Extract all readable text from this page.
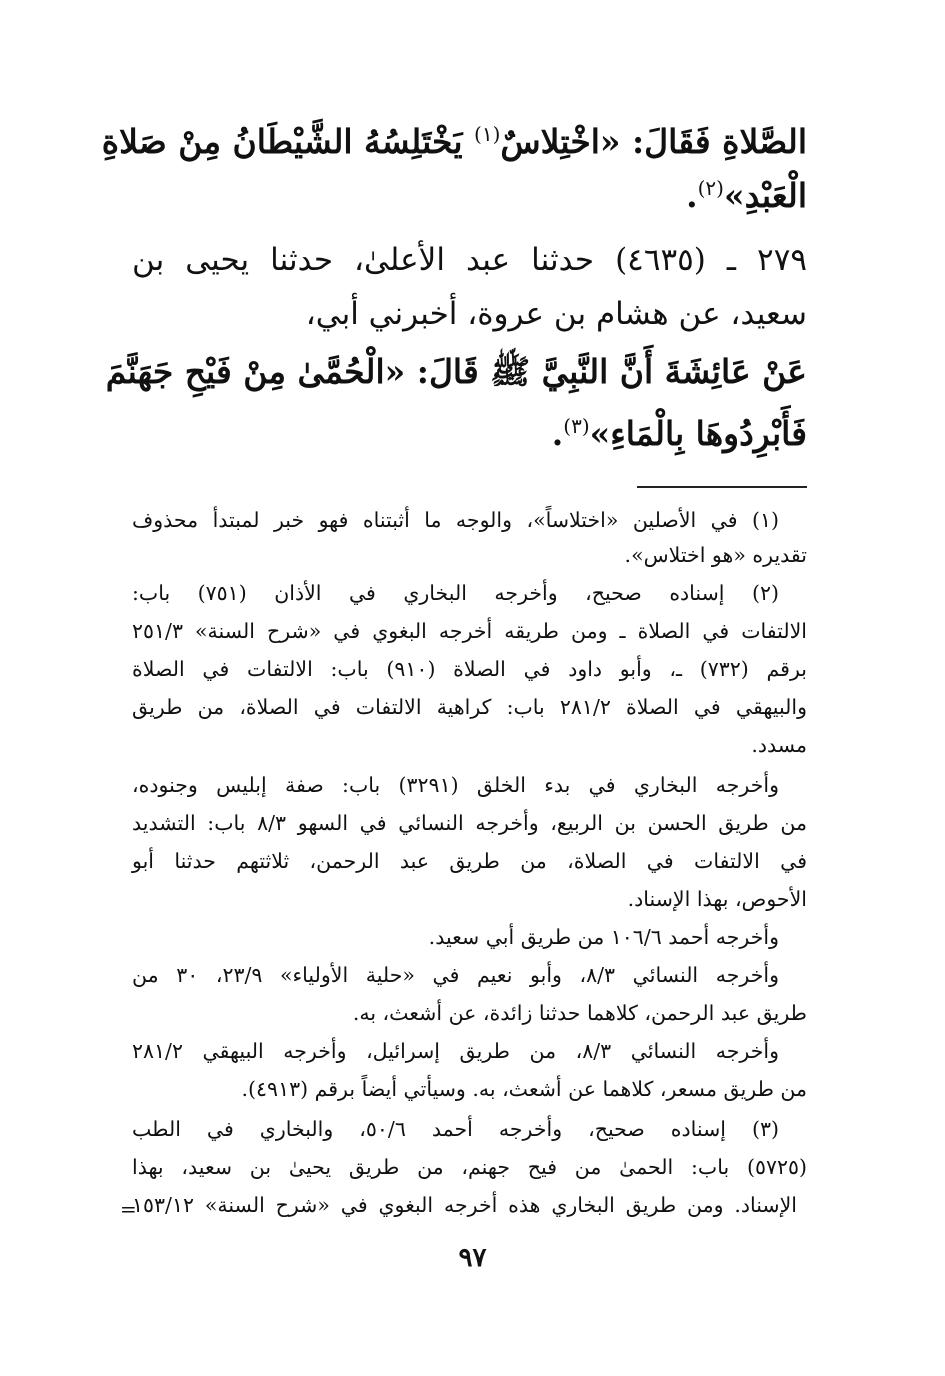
الصَّلاةِ فَقَالَ: «اخْتِلاسٌ$^{(١)}$ يَخْتَلِسُهُ الشَّيْطَانُ مِنْ صَلاةِ
الْعَبْدِ»$^{(٢)}$.
٢٧٩ ـ (٤٦٣٥) حدثنا عبد الأعلىٰ، حدثنا يحيى بن
سعيد، عن هشام بن عروة، أخبرني أبي،
عَنْ عَائِشَةَ أَنَّ النَّبِيَّ ﷺ قَالَ: «الْحُمَّىٰ مِنْ فَيْحِ جَهَنَّمَ
فَأَبْرِدُوهَا بِالْمَاءِ»$^{(٣)}$.
(١) في الأصلين «اختلاساً»، والوجه ما أثبتناه فهو خبر لمبتدأ محذوف
تقديره «هو اختلاس».
(٢) إسناده صحيح، وأخرجه البخاري في الأذان (٧٥١) باب:
الالتفات في الصلاة ـ ومن طريقه أخرجه البغوي في «شرح السنة» ٢٥١/٣
برقم (٧٣٢) ـ، وأبو داود في الصلاة (٩١٠) باب: الالتفات في الصلاة
والبيهقي في الصلاة ٢٨١/٢ باب: كراهية الالتفات في الصلاة، من طريق
مسدد.
وأخرجه البخاري في بدء الخلق (٣٢٩١) باب: صفة إبليس وجنوده،
من طريق الحسن بن الربيع، وأخرجه النسائي في السهو ٨/٣ باب: التشديد
في الالتفات في الصلاة، من طريق عبد الرحمن، ثلاثتهم حدثنا أبو
الأحوص، بهذا الإسناد.
وأخرجه أحمد ١٠٦/٦ من طريق أبي سعيد.
وأخرجه النسائي ٨/٣، وأبو نعيم في «حلية الأولياء» ٢٣/٩، ٣٠ من
طريق عبد الرحمن، كلاهما حدثنا زائدة، عن أشعث، به.
وأخرجه النسائي ٨/٣، من طريق إسرائيل، وأخرجه البيهقي ٢٨١/٢
من طريق مسعر، كلاهما عن أشعث، به. وسيأتي أيضاً برقم (٤٩١٣).
(٣) إسناده صحيح، وأخرجه أحمد ٥٠/٦، والبخاري في الطب
(٥٧٢٥) باب: الحمىٰ من فيح جهنم، من طريق يحيىٰ بن سعيد، بهذا
الإسناد. ومن طريق البخاري هذه أخرجه البغوي في «شرح السنة» ١٥٣/١٢
=
٩٧
